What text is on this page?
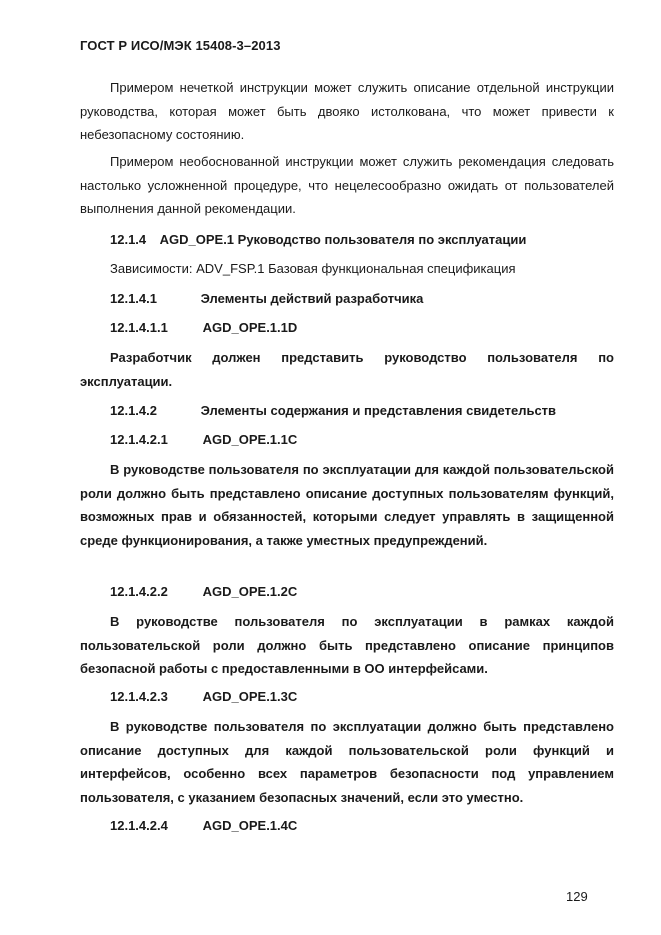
ГОСТ Р ИСО/МЭК 15408-3–2013

Примером нечеткой инструкции может служить описание отдельной инструкции руководства, которая может быть двояко истолкована, что может привести к небезопасному состоянию.

Примером необоснованной инструкции может служить рекомендация следовать настолько усложненной процедуре, что нецелесообразно ожидать от пользователей выполнения данной рекомендации.

12.1.4 AGD_OPE.1 Руководство пользователя по эксплуатации
Зависимости: ADV_FSP.1 Базовая функциональная спецификация
12.1.4.1	Элементы действий разработчика
12.1.4.1.1	AGD_OPE.1.1D

Разработчик должен представить руководство пользователя по эксплуатации.

12.1.4.2	Элементы содержания и представления свидетельств
12.1.4.2.1	AGD_OPE.1.1C

В руководстве пользователя по эксплуатации для каждой пользовательской роли должно быть представлено описание доступных пользователям функций, возможных прав и обязанностей, которыми следует управлять в защищенной среде функционирования, а также уместных предупреждений.

12.1.4.2.2	AGD_OPE.1.2C

В руководстве пользователя по эксплуатации в рамках каждой пользовательской роли должно быть представлено описание принципов безопасной работы с предоставленными в ОО интерфейсами.

12.1.4.2.3	AGD_OPE.1.3C

В руководстве пользователя по эксплуатации должно быть представлено описание доступных для каждой пользовательской роли функций и интерфейсов, особенно всех параметров безопасности под управлением пользователя, с указанием безопасных значений, если это уместно.

12.1.4.2.4	AGD_OPE.1.4C
129
